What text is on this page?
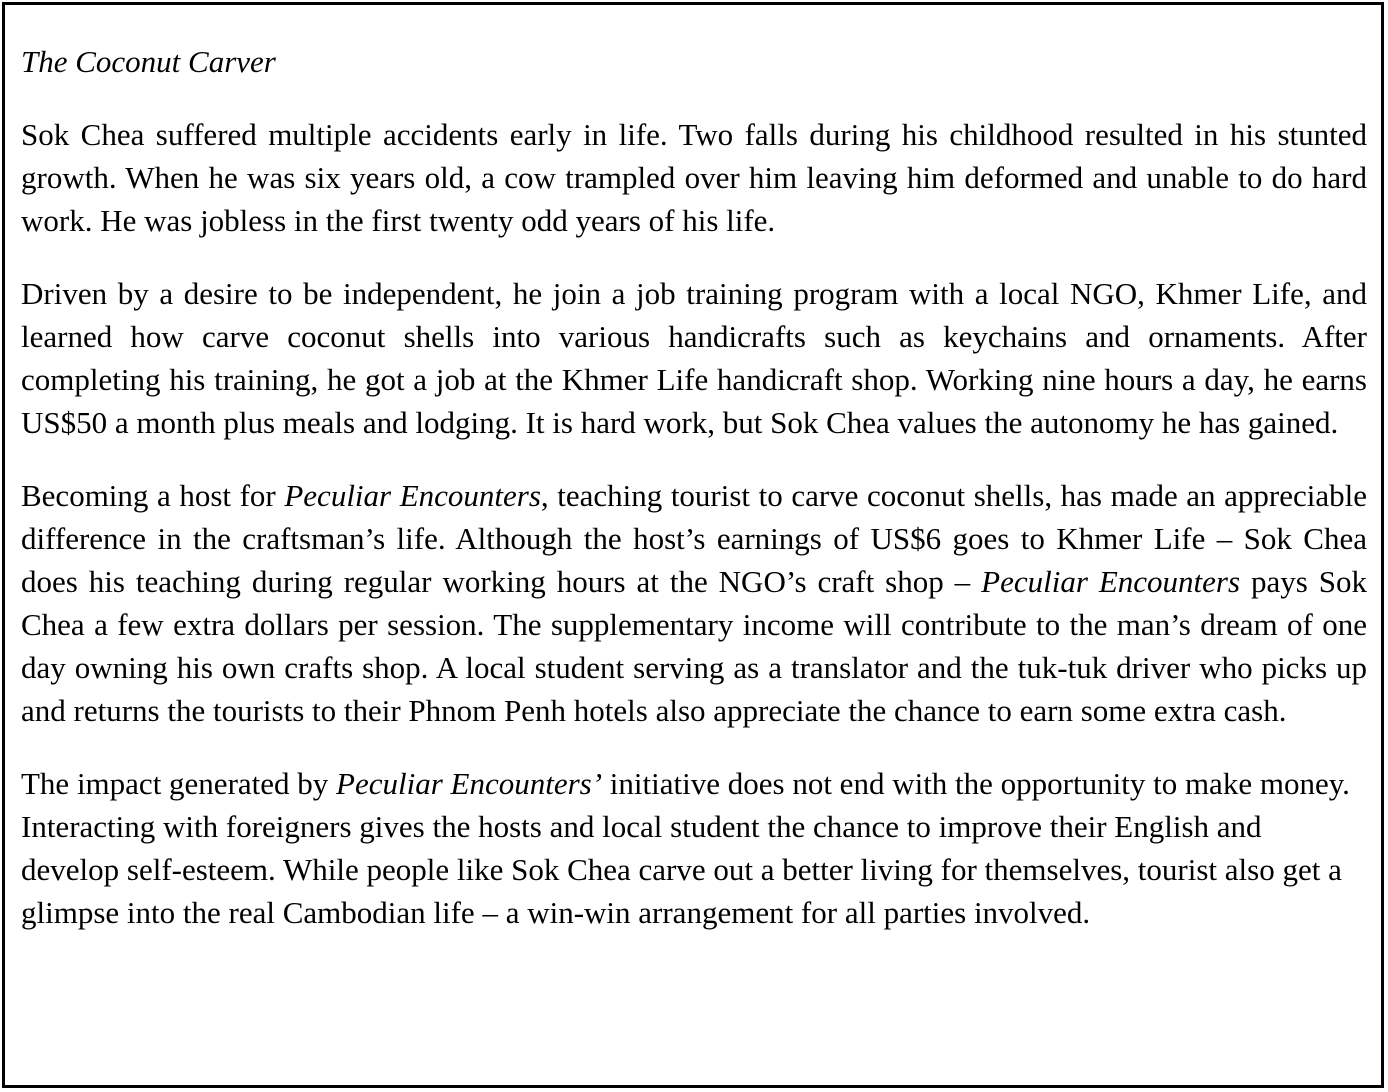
The Coconut Carver

Sok Chea suffered multiple accidents early in life. Two falls during his childhood resulted in his stunted growth. When he was six years old, a cow trampled over him leaving him deformed and unable to do hard work. He was jobless in the first twenty odd years of his life.

Driven by a desire to be independent, he join a job training program with a local NGO, Khmer Life, and learned how carve coconut shells into various handicrafts such as keychains and ornaments. After completing his training, he got a job at the Khmer Life handicraft shop. Working nine hours a day, he earns US$50 a month plus meals and lodging. It is hard work, but Sok Chea values the autonomy he has gained.

Becoming a host for Peculiar Encounters, teaching tourist to carve coconut shells, has made an appreciable difference in the craftsman’s life. Although the host’s earnings of US$6 goes to Khmer Life – Sok Chea does his teaching during regular working hours at the NGO’s craft shop – Peculiar Encounters pays Sok Chea a few extra dollars per session. The supplementary income will contribute to the man’s dream of one day owning his own crafts shop. A local student serving as a translator and the tuk-tuk driver who picks up and returns the tourists to their Phnom Penh hotels also appreciate the chance to earn some extra cash.

The impact generated by Peculiar Encounters’ initiative does not end with the opportunity to make money. Interacting with foreigners gives the hosts and local student the chance to improve their English and develop self-esteem. While people like Sok Chea carve out a better living for themselves, tourist also get a glimpse into the real Cambodian life – a win-win arrangement for all parties involved.
